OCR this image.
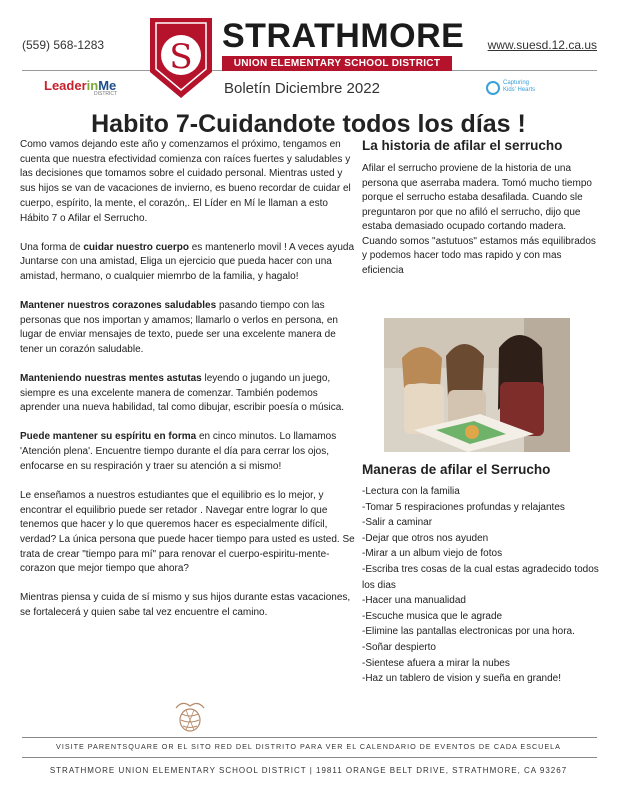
(559) 568-1283	www.suesd.12.ca.us
S
STRATHMORE
UNION ELEMENTARY SCHOOL DISTRICT
Boletín Diciembre 2022
LeaderinMe
DISTRICT
Capturing
Kids' Hearts
Habito 7-Cuidandote todos los días !

Como vamos dejando este año y comenzamos el próximo, tengamos en cuenta que nuestra efectividad comienza con raíces fuertes y saludables y las decisiones que tomamos sobre el cuidado personal. Mientras usted y sus hijos se van de vacaciones de invierno, es bueno recordar de cuidar el cuerpo, espírito, la mente, el corazón,. El Líder en Mí le llaman a esto Hábito 7 o Afilar el Serrucho.

Una forma de cuidar nuestro cuerpo es mantenerlo movil ! A veces ayuda Juntarse con una amistad, Eliga un ejercicio que pueda hacer con una amistad, hermano, o cualquier miemrbo de la familia, y hagalo!

Mantener nuestros corazones saludables pasando tiempo con las personas que nos importan y amamos; llamarlo o verlos en persona, en lugar de enviar mensajes de texto, puede ser una excelente manera de tener un corazón saludable.

Manteniendo nuestras mentes astutas leyendo o jugando un juego, siempre es una excelente manera de comenzar. También podemos aprender una nueva habilidad, tal como dibujar, escribir poesía o música.

Puede mantener su espíritu en forma en cinco minutos. Lo llamamos 'Atención plena'. Encuentre tiempo durante el día para cerrar los ojos, enfocarse en su respiración y traer su atención a si mismo!

Le enseñamos a nuestros estudiantes que el equilibrio es lo mejor, y encontrar el equilibrio puede ser retador . Navegar entre lograr lo que tenemos que hacer y lo que queremos hacer es especialmente difícil, verdad? La única persona que puede hacer tiempo para usted es usted. Se trata de crear "tiempo para mí" para renovar el cuerpo-espiritu-mente-corazon que mejor tiempo que ahora?

Mientras piensa y cuida de sí mismo y sus hijos durante estas vacaciones, se fortalecerá y quien sabe tal vez encuentre el camino.

La historia de afilar el serrucho
Afilar el serrucho proviene de la historia de una persona que aserraba madera. Tomó mucho tiempo porque el serrucho estaba desafilada. Cuando sle preguntaron por que no afiló el serrucho, dijo que estaba demasiado ocupado cortando madera. Cuando somos "astutuos" estamos más equilibrados y podemos hacer todo mas rapido y con mas eficiencia
Maneras de afilar el Serrucho
-Lectura con la familia
-Tomar 5 respiraciones profundas y relajantes
-Salir a caminar
-Dejar que otros nos ayuden
-Mirar a un album viejo de fotos
-Escriba tres cosas de la cual estas agradecido todos los dias
-Hacer una manualidad
-Escuche musica que le agrade
-Elimine las pantallas electronicas por una hora.
-Soñar despierto
-Sientese afuera a mirar la nubes
-Haz un tablero de vision y sueña en grande!
VISITE PARENTSQUARE OR EL SITO RED DEL DISTRITO PARA VER EL CALENDARIO DE EVENTOS DE CADA ESCUELA
STRATHMORE UNION ELEMENTARY SCHOOL DISTRICT | 19811 ORANGE BELT DRIVE, STRATHMORE, CA 93267
